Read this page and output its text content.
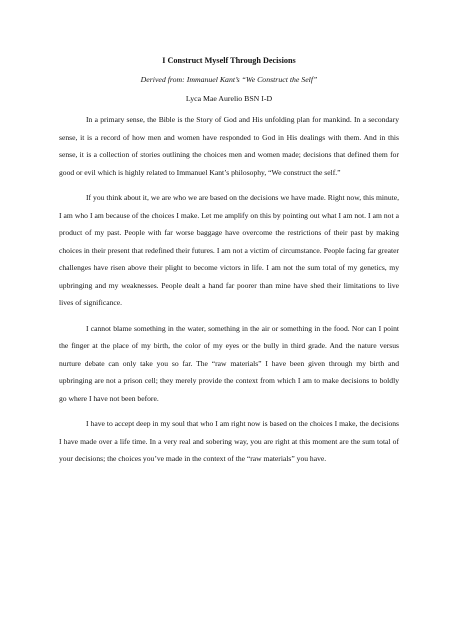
I Construct Myself Through Decisions
Derived from: Immanuel Kant’s “We Construct the Self”
Lyca Mae Aurelio BSN I-D

In a primary sense, the Bible is the Story of God and His unfolding plan for mankind. In a secondary sense, it is a record of how men and women have responded to God in His dealings with them. And in this sense, it is a collection of stories outlining the choices men and women made; decisions that defined them for good or evil which is highly related to Immanuel Kant’s philosophy, “We construct the self.”

If you think about it, we are who we are based on the decisions we have made. Right now, this minute, I am who I am because of the choices I make. Let me amplify on this by pointing out what I am not. I am not a product of my past. People with far worse baggage have overcome the restrictions of their past by making choices in their present that redefined their futures. I am not a victim of circumstance. People facing far greater challenges have risen above their plight to become victors in life. I am not the sum total of my genetics, my upbringing and my weaknesses. People dealt a hand far poorer than mine have shed their limitations to live lives of significance.

I cannot blame something in the water, something in the air or something in the food. Nor can I point the finger at the place of my birth, the color of my eyes or the bully in third grade. And the nature versus nurture debate can only take you so far. The “raw materials” I have been given through my birth and upbringing are not a prison cell; they merely provide the context from which I am to make decisions to boldly go where I have not been before.

I have to accept deep in my soul that who I am right now is based on the choices I make, the decisions I have made over a life time. In a very real and sobering way, you are right at this moment are the sum total of your decisions; the choices you’ve made in the context of the “raw materials” you have.
